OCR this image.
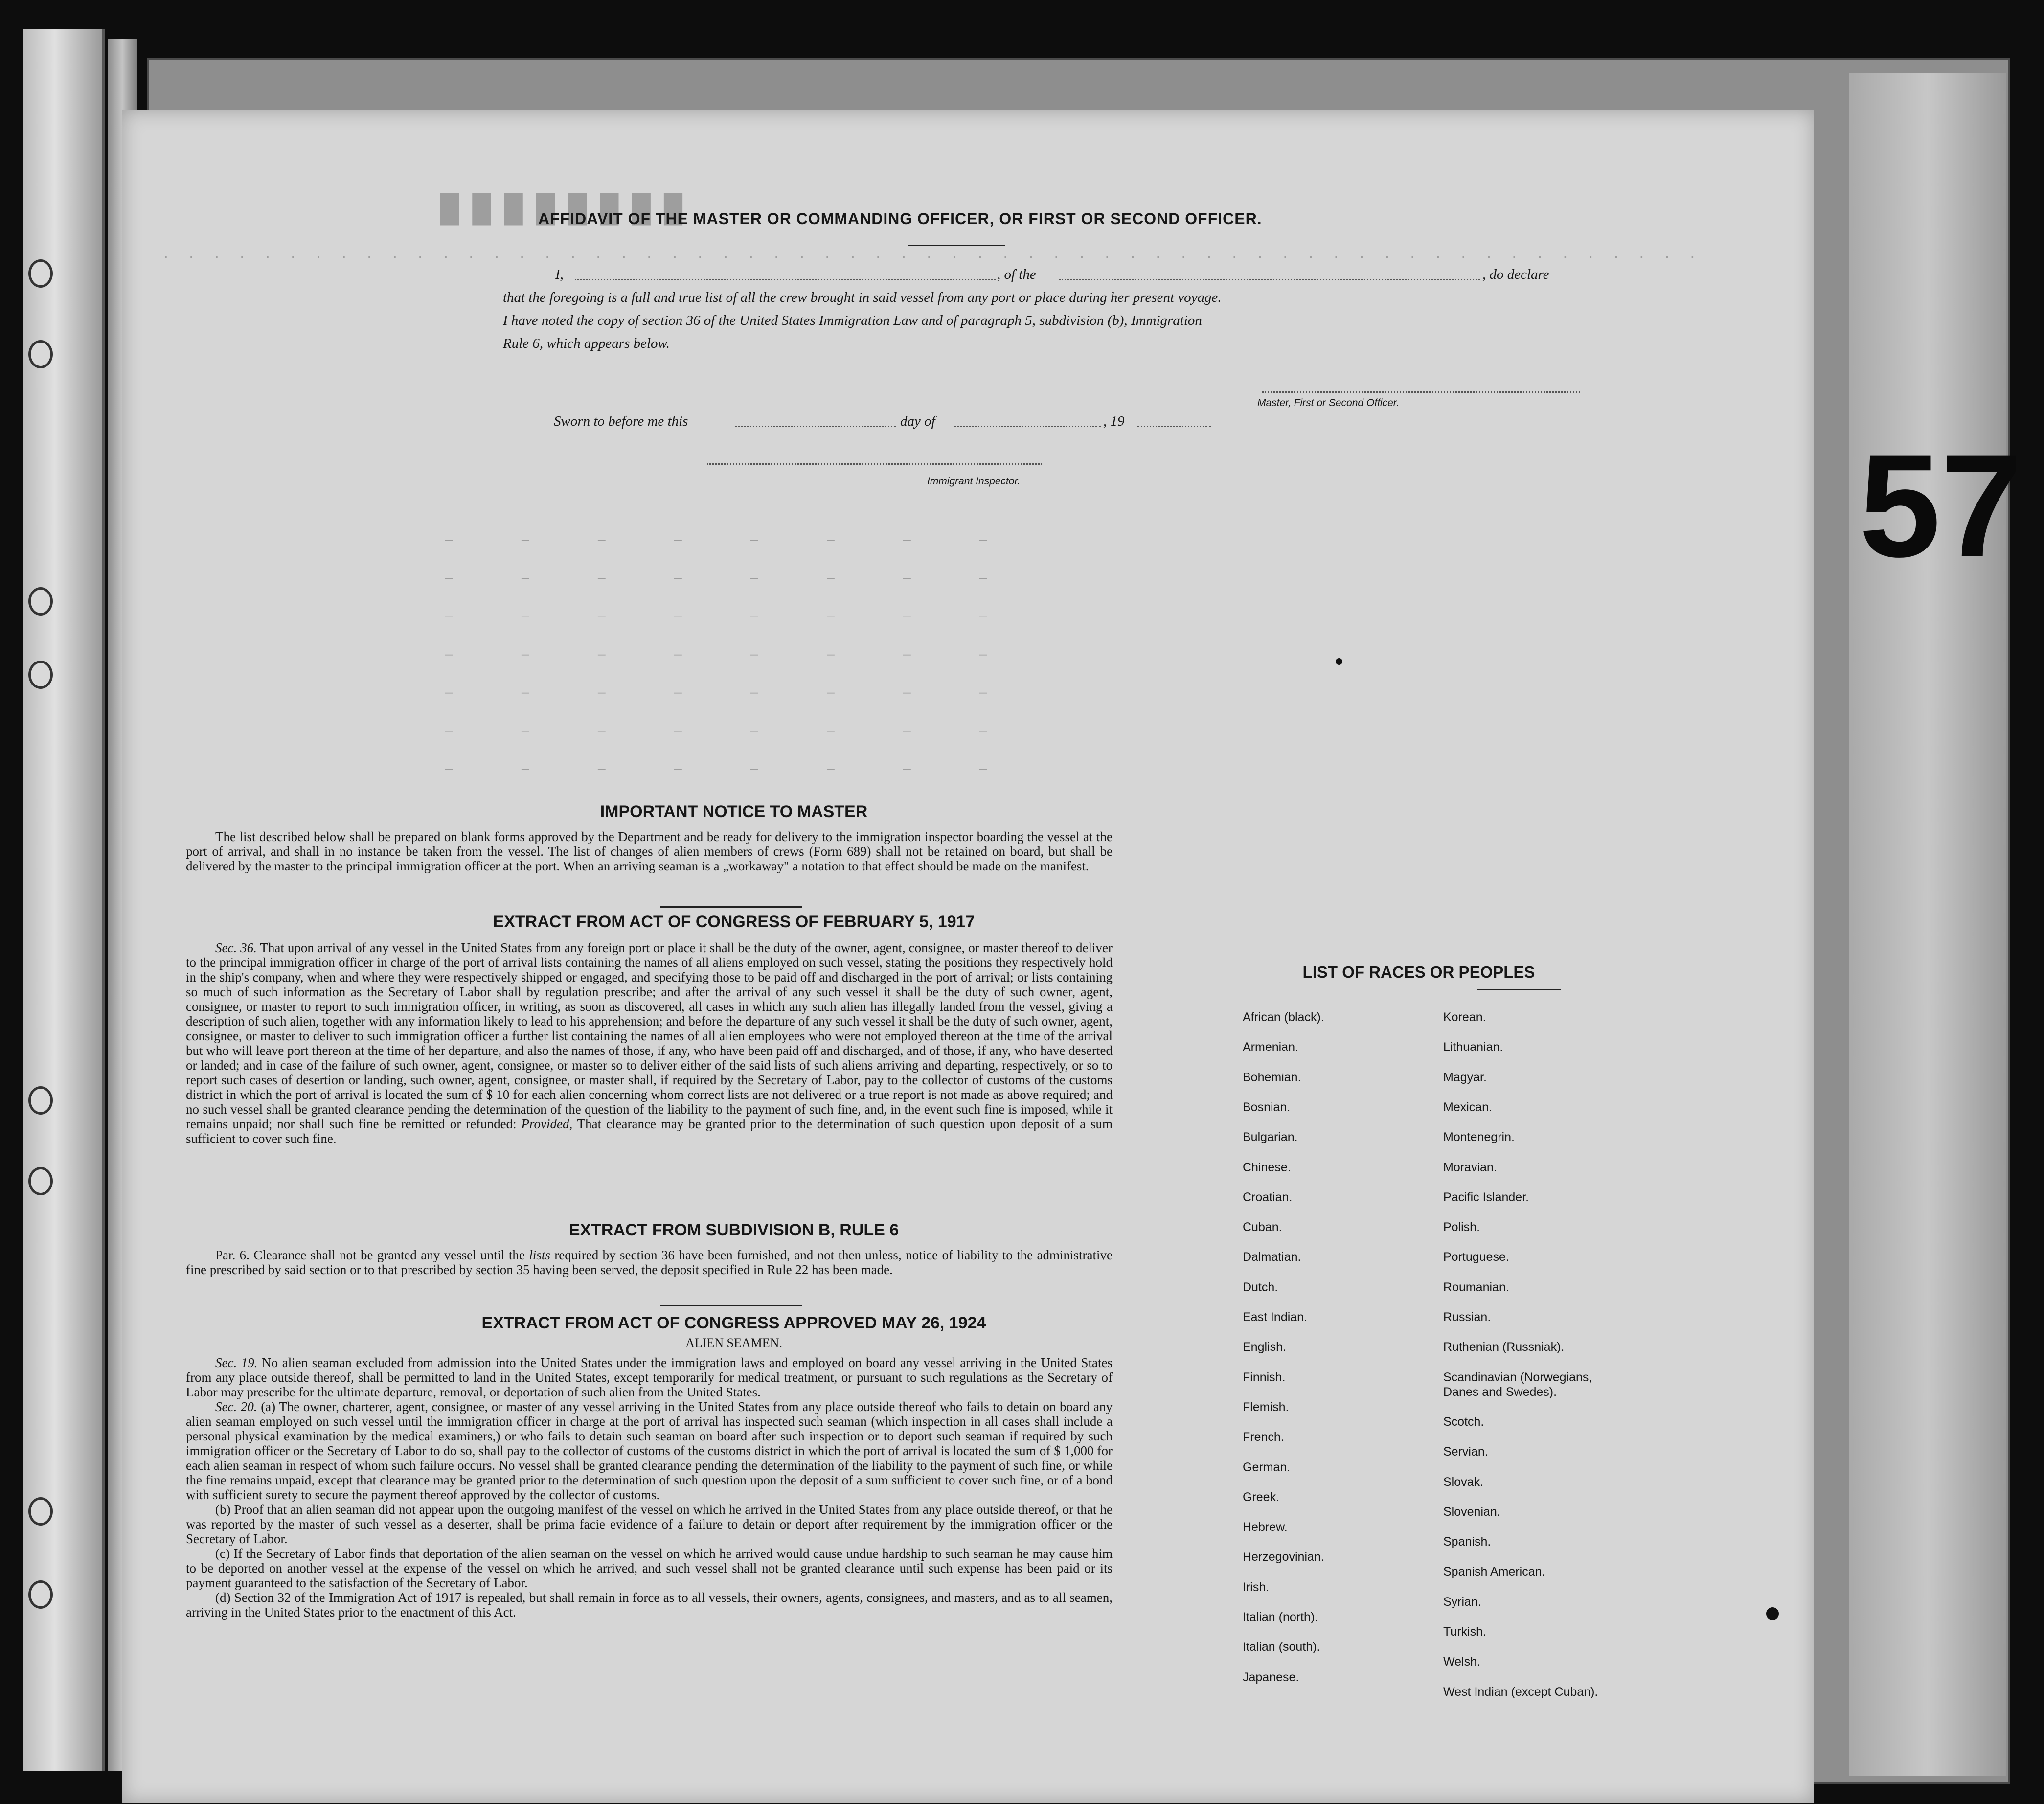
57
█ █ █ █ █ █ █ █
· · · · · · · · · · · · · · · · · · · · · · · · · · · · · · · · · · · · · · · · · · · · · · · · · · · · · · · · · · · · ·
AFFIDAVIT OF THE MASTER OR COMMANDING OFFICER, OR FIRST OR SECOND OFFICER.
I,	, of the	, do declare
that the foregoing is a full and true list of all the crew brought in said vessel from any port or place during her present voyage.
I have noted the copy of section 36 of the United States Immigration Law and of paragraph 5, subdivision (b), Immigration
Rule 6, which appears below.
Master, First or Second Officer.
Sworn to before me this	day of	, 19
Immigrant Inspector.
—         —         —         —         —         —         —         —
—         —         —         —         —         —         —         —
—         —         —         —         —         —         —         —
—         —         —         —         —         —         —         —
—         —         —         —         —         —         —         —
—         —         —         —         —         —         —         —
—         —         —         —         —         —         —         —
IMPORTANT NOTICE TO MASTER

The list described below shall be prepared on blank forms approved by the Department and be ready for delivery to the immigration inspector boarding the vessel at the port of arrival, and shall in no instance be taken from the vessel. The list of changes of alien members of crews (Form 689) shall not be retained on board, but shall be delivered by the master to the principal immigration officer at the port. When an arriving seaman is a „workaway" a notation to that effect should be made on the manifest.

EXTRACT FROM ACT OF CONGRESS OF FEBRUARY 5, 1917

Sec. 36. That upon arrival of any vessel in the United States from any foreign port or place it shall be the duty of the owner, agent, consignee, or master thereof to deliver to the principal immigration officer in charge of the port of arrival lists containing the names of all aliens employed on such vessel, stating the positions they respectively hold in the ship's company, when and where they were respectively shipped or engaged, and specifying those to be paid off and discharged in the port of arrival; or lists containing so much of such information as the Secretary of Labor shall by regulation prescribe; and after the arrival of any such vessel it shall be the duty of such owner, agent, consignee, or master to report to such immigration officer, in writing, as soon as discovered, all cases in which any such alien has illegally landed from the vessel, giving a description of such alien, together with any information likely to lead to his apprehension; and before the departure of any such vessel it shall be the duty of such owner, agent, consignee, or master to deliver to such immigration officer a further list containing the names of all alien employees who were not employed thereon at the time of the arrival but who will leave port thereon at the time of her departure, and also the names of those, if any, who have been paid off and discharged, and of those, if any, who have deserted or landed; and in case of the failure of such owner, agent, consignee, or master so to deliver either of the said lists of such aliens arriving and departing, respectively, or so to report such cases of desertion or landing, such owner, agent, consignee, or master shall, if required by the Secretary of Labor, pay to the collector of customs of the customs district in which the port of arrival is located the sum of $ 10 for each alien concerning whom correct lists are not delivered or a true report is not made as above required; and no such vessel shall be granted clearance pending the determination of the question of the liability to the payment of such fine, and, in the event such fine is imposed, while it remains unpaid; nor shall such fine be remitted or refunded: Provided, That clearance may be granted prior to the determination of such question upon deposit of a sum sufficient to cover such fine.

EXTRACT FROM SUBDIVISION B, RULE 6

Par. 6. Clearance shall not be granted any vessel until the lists required by section 36 have been furnished, and not then unless, notice of liability to the administrative fine prescribed by said section or to that prescribed by section 35 having been served, the deposit specified in Rule 22 has been made.

EXTRACT FROM ACT OF CONGRESS APPROVED MAY 26, 1924
ALIEN SEAMEN.

Sec. 19. No alien seaman excluded from admission into the United States under the immigration laws and employed on board any vessel arriving in the United States from any place outside thereof, shall be permitted to land in the United States, except temporarily for medical treatment, or pursuant to such regulations as the Secretary of Labor may prescribe for the ultimate departure, removal, or deportation of such alien from the United States.

Sec. 20. (a) The owner, charterer, agent, consignee, or master of any vessel arriving in the United States from any place outside thereof who fails to detain on board any alien seaman employed on such vessel until the immigration officer in charge at the port of arrival has inspected such seaman (which inspection in all cases shall include a personal physical examination by the medical examiners,) or who fails to detain such seaman on board after such inspection or to deport such seaman if required by such immigration officer or the Secretary of Labor to do so, shall pay to the collector of customs of the customs district in which the port of arrival is located the sum of $ 1,000 for each alien seaman in respect of whom such failure occurs. No vessel shall be granted clearance pending the determination of the liability to the payment of such fine, or while the fine remains unpaid, except that clearance may be granted prior to the determination of such question upon the deposit of a sum sufficient to cover such fine, or of a bond with sufficient surety to secure the payment thereof approved by the collector of customs.

(b) Proof that an alien seaman did not appear upon the outgoing manifest of the vessel on which he arrived in the United States from any place outside thereof, or that he was reported by the master of such vessel as a deserter, shall be prima facie evidence of a failure to detain or deport after requirement by the immigration officer or the Secretary of Labor.

(c) If the Secretary of Labor finds that deportation of the alien seaman on the vessel on which he arrived would cause undue hardship to such seaman he may cause him to be deported on another vessel at the expense of the vessel on which he arrived, and such vessel shall not be granted clearance until such expense has been paid or its payment guaranteed to the satisfaction of the Secretary of Labor.

(d) Section 32 of the Immigration Act of 1917 is repealed, but shall remain in force as to all vessels, their owners, agents, consignees, and masters, and as to all seamen, arriving in the United States prior to the enactment of this Act.

LIST OF RACES OR PEOPLES
African (black).
Armenian.
Bohemian.
Bosnian.
Bulgarian.
Chinese.
Croatian.
Cuban.
Dalmatian.
Dutch.
East Indian.
English.
Finnish.
Flemish.
French.
German.
Greek.
Hebrew.
Herzegovinian.
Irish.
Italian (north).
Italian (south).
Japanese.
Korean.
Lithuanian.
Magyar.
Mexican.
Montenegrin.
Moravian.
Pacific Islander.
Polish.
Portuguese.
Roumanian.
Russian.
Ruthenian (Russniak).
Scandinavian (Norwegians,
Danes and Swedes).
Scotch.
Servian.
Slovak.
Slovenian.
Spanish.
Spanish American.
Syrian.
Turkish.
Welsh.
West Indian (except Cuban).
